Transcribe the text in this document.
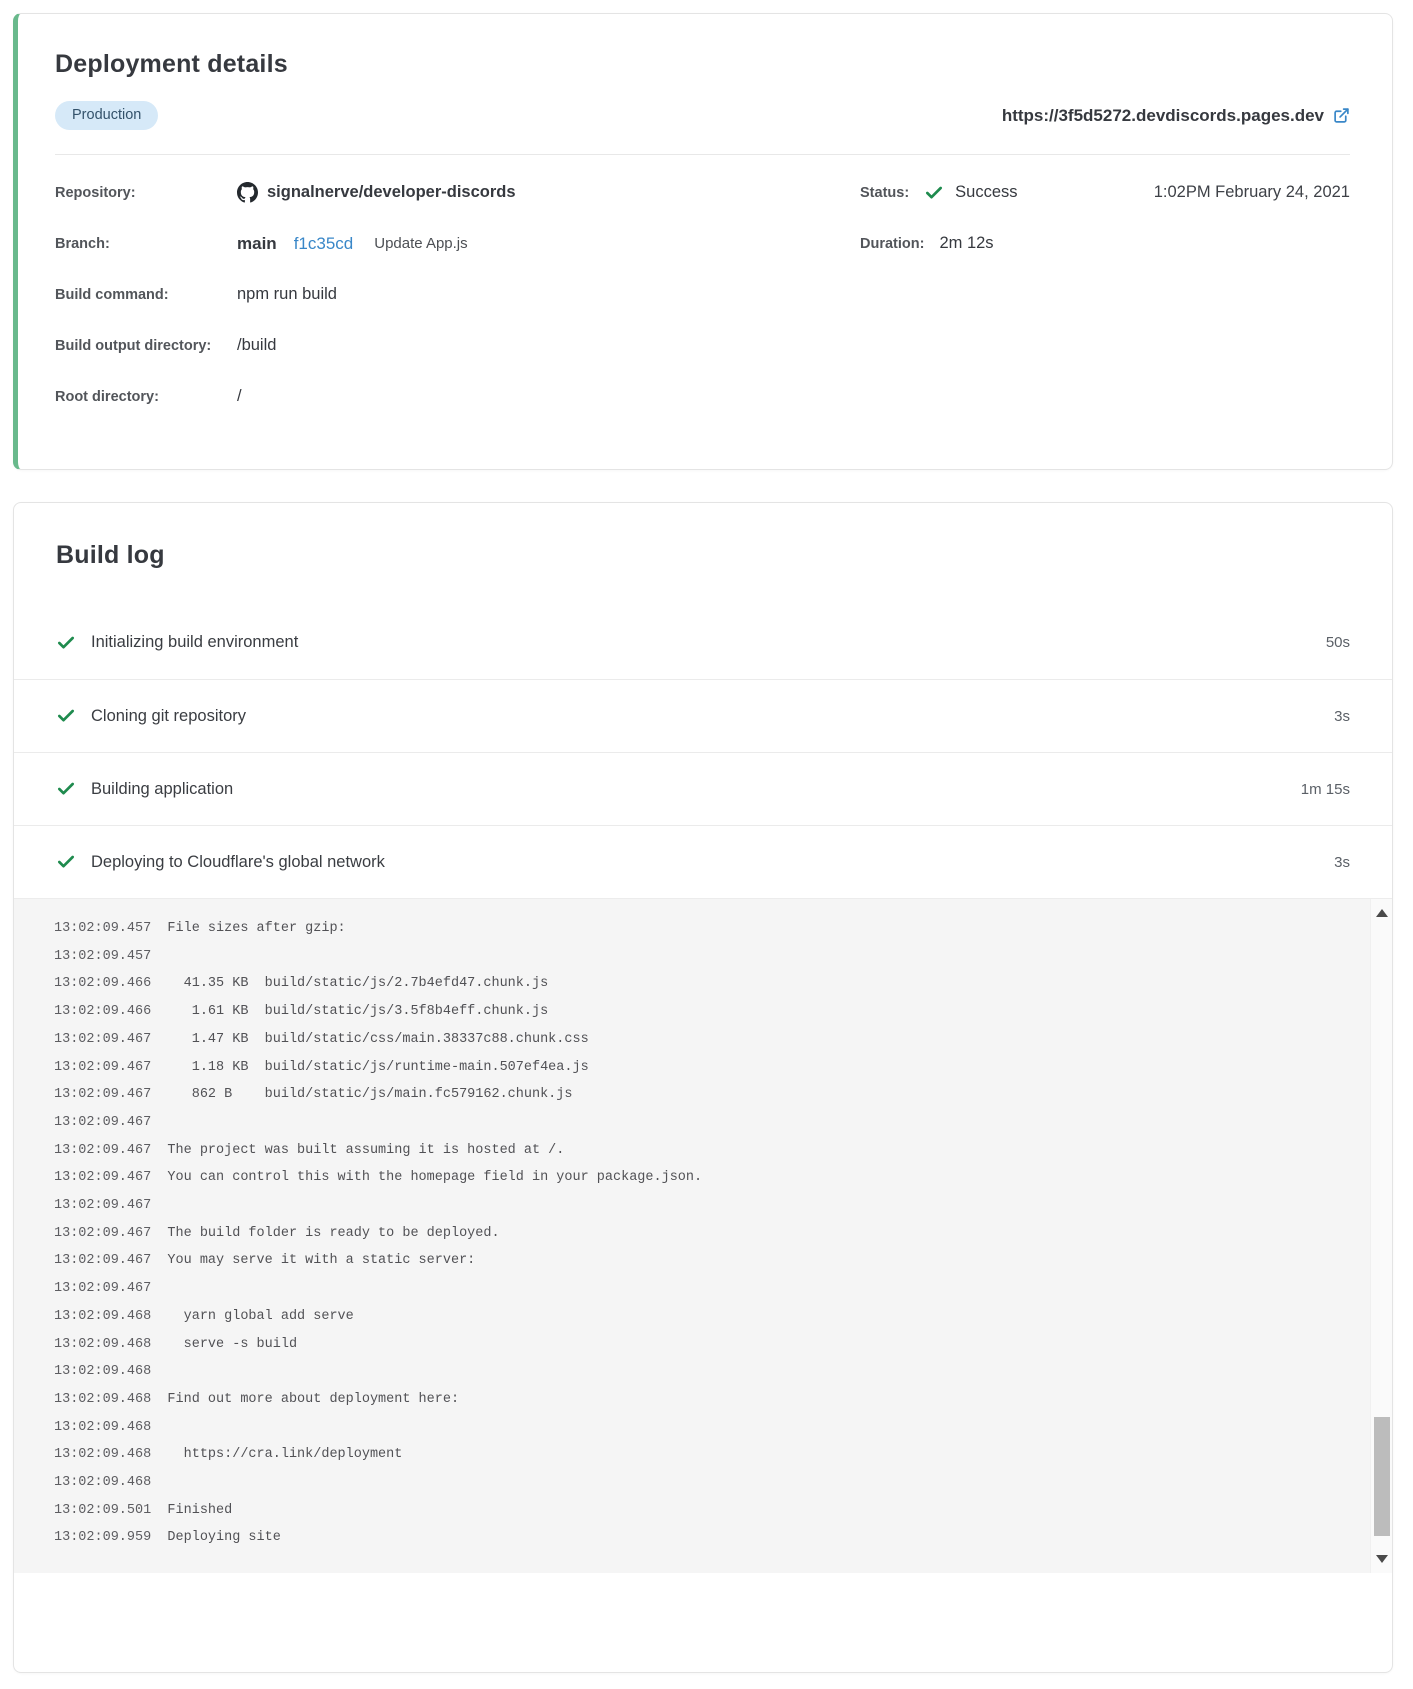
Deployment details
Production	https://3f5d5272.devdiscords.pages.dev
Repository:	signalnerve/developer-discords
Branch:	main f1c35cd Update App.js
Build command:	npm run build
Build output directory:	/build
Root directory:	/
Status:	Success	1:02PM February 24, 2021
Duration: 2m 12s
Build log
Initializing build environment	50s
Cloning git repository	3s
Building application	1m 15s
Deploying to Cloudflare's global network	3s
13:02:09.457  File sizes after gzip:
13:02:09.457
13:02:09.466    41.35 KB  build/static/js/2.7b4efd47.chunk.js
13:02:09.466     1.61 KB  build/static/js/3.5f8b4eff.chunk.js
13:02:09.467     1.47 KB  build/static/css/main.38337c88.chunk.css
13:02:09.467     1.18 KB  build/static/js/runtime-main.507ef4ea.js
13:02:09.467     862 B    build/static/js/main.fc579162.chunk.js
13:02:09.467
13:02:09.467  The project was built assuming it is hosted at /.
13:02:09.467  You can control this with the homepage field in your package.json.
13:02:09.467
13:02:09.467  The build folder is ready to be deployed.
13:02:09.467  You may serve it with a static server:
13:02:09.467
13:02:09.468    yarn global add serve
13:02:09.468    serve -s build
13:02:09.468
13:02:09.468  Find out more about deployment here:
13:02:09.468
13:02:09.468    https://cra.link/deployment
13:02:09.468
13:02:09.501  Finished
13:02:09.959  Deploying site
